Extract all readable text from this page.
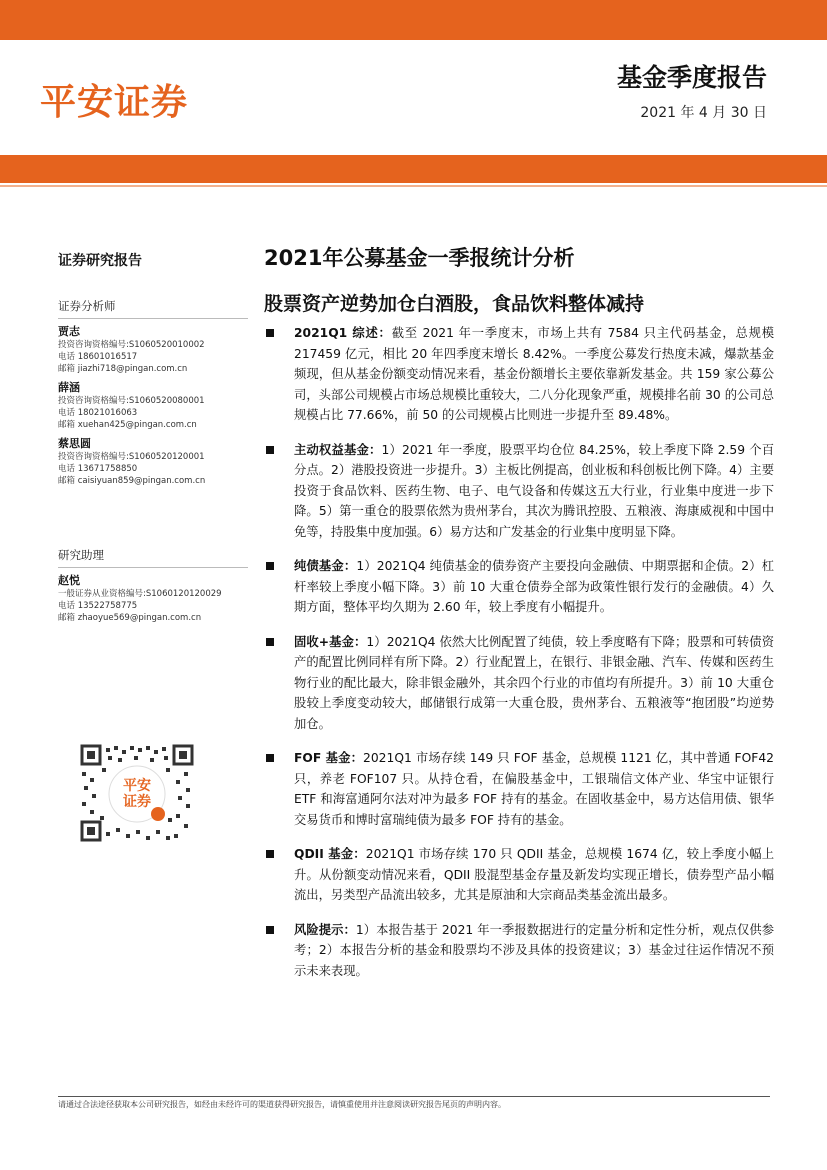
平安证券
基金季度报告
2021 年 4 月 30 日
证券研究报告
证券分析师
贾志
投资咨询资格编号:S1060520010002
电话 18601016517
邮箱 jiazhi718@pingan.com.cn
薛涵
投资咨询资格编号:S1060520080001
电话 18021016063
邮箱 xuehan425@pingan.com.cn
蔡思圆
投资咨询资格编号:S1060520120001
电话 13671758850
邮箱 caisiyuan859@pingan.com.cn
研究助理
赵悦
一般证券从业资格编号:S1060120120029
电话 13522758775
邮箱 zhaoyue569@pingan.com.cn
平安
证券
2021年公募基金一季报统计分析
股票资产逆势加仓白酒股，食品饮料整体减持
2021Q1 综述：截至 2021 年一季度末，市场上共有 7584 只主代码基金，总规模 217459 亿元，相比 20 年四季度末增长 8.42%。一季度公募发行热度未减，爆款基金频现，但从基金份额变动情况来看，基金份额增长主要依靠新发基金。共 159 家公募公司，头部公司规模占市场总规模比重较大，二八分化现象严重，规模排名前 30 的公司总规模占比 77.66%，前 50 的公司规模占比则进一步提升至 89.48%。
主动权益基金：1）2021 年一季度，股票平均仓位 84.25%，较上季度下降 2.59 个百分点。2）港股投资进一步提升。3）主板比例提高，创业板和科创板比例下降。4）主要投资于食品饮料、医药生物、电子、电气设备和传媒这五大行业，行业集中度进一步下降。5）第一重仓的股票依然为贵州茅台，其次为腾讯控股、五粮液、海康威视和中国中免等，持股集中度加强。6）易方达和广发基金的行业集中度明显下降。
纯债基金：1）2021Q4 纯债基金的债券资产主要投向金融债、中期票据和企债。2）杠杆率较上季度小幅下降。3）前 10 大重仓债券全部为政策性银行发行的金融债。4）久期方面，整体平均久期为 2.60 年，较上季度有小幅提升。
固收+基金：1）2021Q4 依然大比例配置了纯债，较上季度略有下降；股票和可转债资产的配置比例同样有所下降。2）行业配置上，在银行、非银金融、汽车、传媒和医药生物行业的配比最大，除非银金融外，其余四个行业的市值均有所提升。3）前 10 大重仓股较上季度变动较大，邮储银行成第一大重仓股，贵州茅台、五粮液等“抱团股”均逆势加仓。
FOF 基金：2021Q1 市场存续 149 只 FOF 基金，总规模 1121 亿，其中普通 FOF42 只，养老 FOF107 只。从持仓看，在偏股基金中，工银瑞信文体产业、华宝中证银行 ETF 和海富通阿尔法对冲为最多 FOF 持有的基金。在固收基金中，易方达信用债、银华交易货币和博时富瑞纯债为最多 FOF 持有的基金。
QDII 基金：2021Q1 市场存续 170 只 QDII 基金，总规模 1674 亿，较上季度小幅上升。从份额变动情况来看，QDII 股混型基金存量及新发均实现正增长，债券型产品小幅流出，另类型产品流出较多，尤其是原油和大宗商品类基金流出最多。
风险提示：1）本报告基于 2021 年一季报数据进行的定量分析和定性分析，观点仅供参考；2）本报告分析的基金和股票均不涉及具体的投资建议；3）基金过往运作情况不预示未来表现。
请通过合法途径获取本公司研究报告，如经由未经许可的渠道获得研究报告，请慎重使用并注意阅读研究报告尾页的声明内容。
